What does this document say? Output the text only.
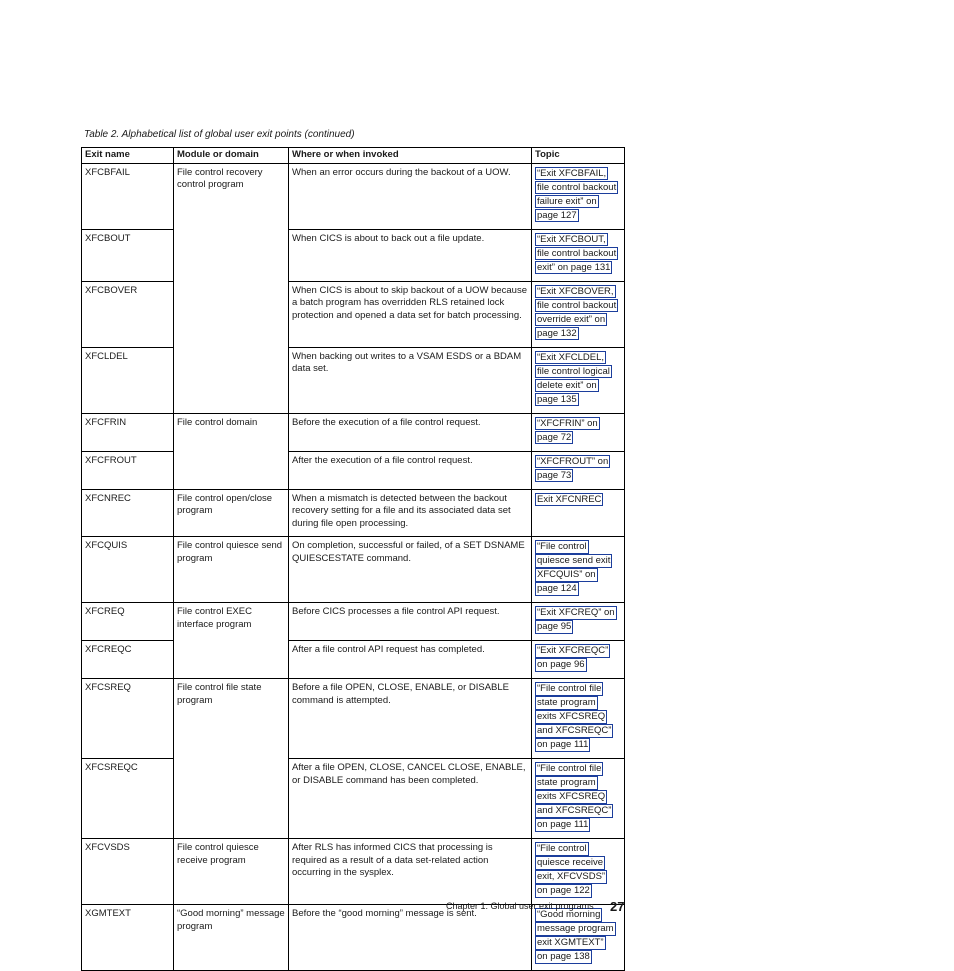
Table 2. Alphabetical list of global user exit points (continued)
Exit name	Module or domain	Where or when invoked	Topic
XFCBFAIL	File control recovery control program	When an error occurs during the backout of a UOW.	“Exit XFCBFAIL,
file control backout
failure exit” on
page 127

XFCBOUT		When CICS is about to back out a file update.	“Exit XFCBOUT,
file control backout
exit” on page 131

XFCBOVER		When CICS is about to skip backout of a UOW because a batch program has overridden RLS retained lock protection and opened a data set for batch processing.	“Exit XFCBOVER,
file control backout
override exit” on
page 132

XFCLDEL		When backing out writes to a VSAM ESDS or a BDAM data set.	“Exit XFCLDEL,
file control logical
delete exit” on
page 135

XFCFRIN	File control domain	Before the execution of a file control request.	“XFCFRIN” on
page 72

XFCFROUT		After the execution of a file control request.	“XFCFROUT” on
page 73

XFCNREC	File control open/close program	When a mismatch is detected between the backout recovery setting for a file and its associated data set during file open processing.	Exit XFCNREC

XFCQUIS	File control quiesce send program	On completion, successful or failed, of a SET DSNAME QUIESCESTATE command.	“File control
quiesce send exit
XFCQUIS” on
page 124

XFCREQ	File control EXEC interface program	Before CICS processes a file control API request.	“Exit XFCREQ” on
page 95

XFCREQC		After a file control API request has completed.	“Exit XFCREQC”
on page 96

XFCSREQ	File control file state program	Before a file OPEN, CLOSE, ENABLE, or DISABLE command is attempted.	“File control file
state program
exits XFCSREQ
and XFCSREQC”
on page 111

XFCSREQC		After a file OPEN, CLOSE, CANCEL CLOSE, ENABLE, or DISABLE command has been completed.	“File control file
state program
exits XFCSREQ
and XFCSREQC”
on page 111

XFCVSDS	File control quiesce receive program	After RLS has informed CICS that processing is required as a result of a data set-related action occurring in the sysplex.	“File control
quiesce receive
exit, XFCVSDS”
on page 122

XGMTEXT	“Good morning” message program	Before the “good morning” message is sent.	“Good morning
message program
exit XGMTEXT”
on page 138
Chapter 1. Global user exit programs 27
